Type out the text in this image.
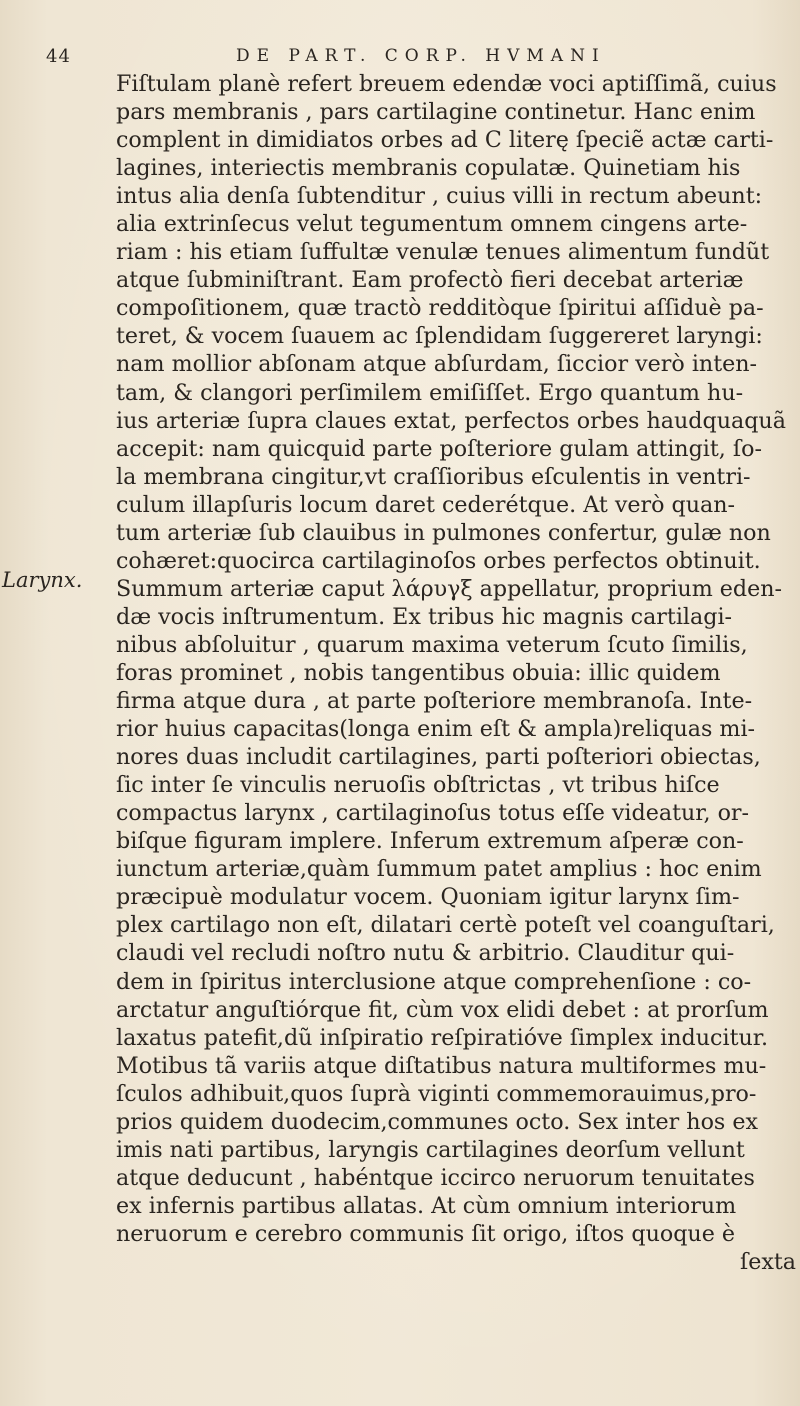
44	DE PART. CORP. HVMANI
Larynx.
Fiſtulam planè refert breuem edendæ voci aptiſſimã, cuius
pars membranis , pars cartilagine continetur. Hanc enim
complent in dimidiatos orbes ad C literę ſpeciẽ actæ carti-
lagines, interiectis membranis copulatæ. Quinetiam his
intus alia denſa ſubtenditur , cuius villi in rectum abeunt:
alia extrinſecus velut tegumentum omnem cingens arte-
riam : his etiam ſuffultæ venulæ tenues alimentum fundũt
atque ſubminiſtrant. Eam profectò fieri decebat arteriæ
compoſitionem, quæ tractò redditòque ſpiritui aſſiduè pa-
teret, & vocem ſuauem ac ſplendidam ſuggereret laryngi:
nam mollior abſonam atque abſurdam, ſiccior verò inten-
tam, & clangori perſimilem emiſiſſet. Ergo quantum hu-
ius arteriæ ſupra claues extat, perfectos orbes haudquaquã
accepit: nam quicquid parte poſteriore gulam attingit, ſo-
la membrana cingitur,vt craſſioribus eſculentis in ventri-
culum illapſuris locum daret cederétque. At verò quan-
tum arteriæ ſub clauibus in pulmones confertur, gulæ non
cohæret:quocirca cartilaginoſos orbes perfectos obtinuit.
Summum arteriæ caput λάρυγξ appellatur, proprium eden-
dæ vocis inſtrumentum. Ex tribus hic magnis cartilagi-
nibus abſoluitur , quarum maxima veterum ſcuto ſimilis,
foras prominet , nobis tangentibus obuia: illic quidem
firma atque dura , at parte poſteriore membranoſa. Inte-
rior huius capacitas(longa enim eſt & ampla)reliquas mi-
nores duas includit cartilagines, parti poſteriori obiectas,
ſic inter ſe vinculis neruoſis obſtrictas , vt tribus hiſce
compactus larynx , cartilaginoſus totus eſſe videatur, or-
biſque figuram implere. Inferum extremum aſperæ con-
iunctum arteriæ,quàm ſummum patet amplius : hoc enim
præcipuè modulatur vocem. Quoniam igitur larynx ſim-
plex cartilago non eſt, dilatari certè poteſt vel coanguſtari,
claudi vel recludi noſtro nutu & arbitrio. Clauditur qui-
dem in ſpiritus interclusione atque comprehenſione : co-
arctatur anguſtiórque fit, cùm vox elidi debet : at prorſum
laxatus patefit,dũ inſpiratio reſpiratióve ſimplex inducitur.
Motibus tã variis atque diſtatibus natura multiformes mu-
ſculos adhibuit,quos ſuprà viginti commemorauimus,pro-
prios quidem duodecim,communes octo. Sex inter hos ex
imis nati partibus, laryngis cartilagines deorſum vellunt
atque deducunt , habéntque iccirco neruorum tenuitates
ex infernis partibus allatas. At cùm omnium interiorum
neruorum e cerebro communis ſit origo, iſtos quoque è
ſexta
